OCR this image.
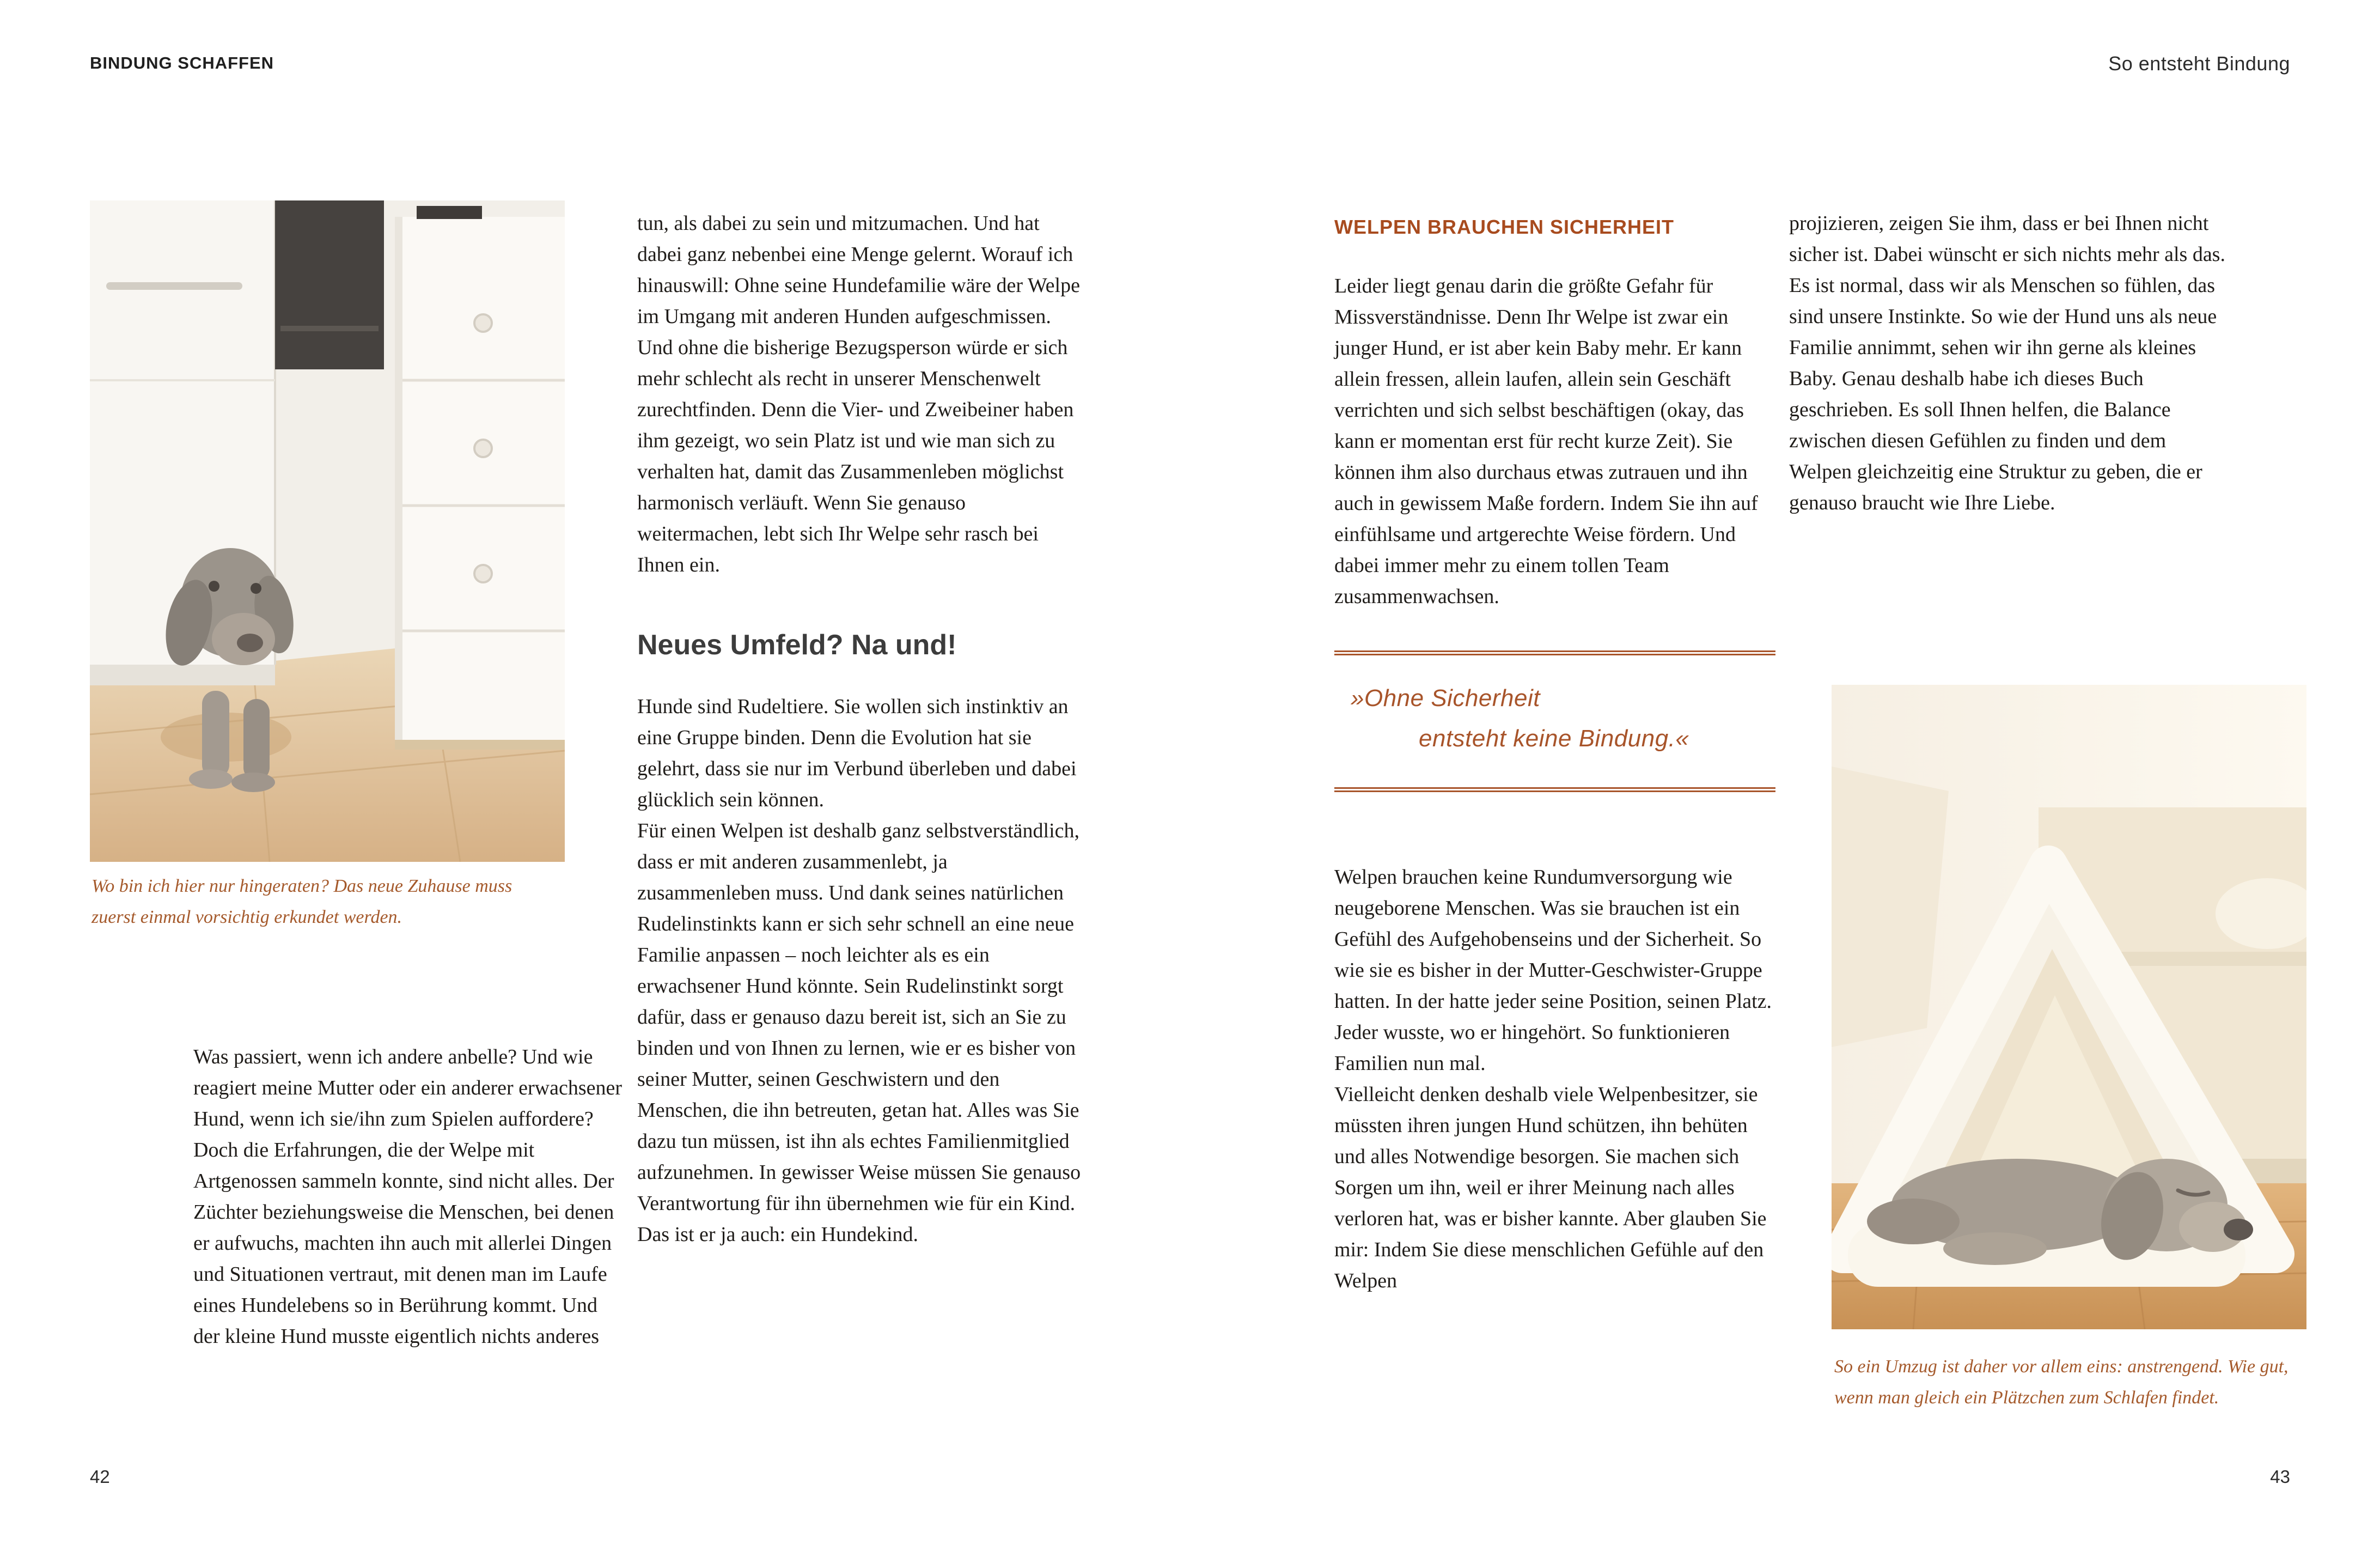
BINDUNG SCHAFFEN	So entsteht Bindung
Wo bin ich hier nur hingeraten? Das neue Zuhause muss zuerst einmal vorsichtig erkundet werden.

Was passiert, wenn ich andere anbelle? Und wie reagiert meine Mutter oder ein anderer erwachsener Hund, wenn ich sie/ihn zum Spielen auffordere?

Doch die Erfahrungen, die der Welpe mit Artgenossen sammeln konnte, sind nicht alles. Der Züchter beziehungsweise die Menschen, bei denen er aufwuchs, machten ihn auch mit allerlei Dingen und Situationen vertraut, mit denen man im Laufe eines Hundelebens so in Berührung kommt. Und der kleine Hund musste eigentlich nichts anderes

tun, als dabei zu sein und mitzumachen. Und hat dabei ganz nebenbei eine Menge gelernt. Worauf ich hinauswill: Ohne seine Hundefamilie wäre der Welpe im Umgang mit anderen Hunden aufgeschmissen. Und ohne die bisherige Bezugsperson würde er sich mehr schlecht als recht in unserer Menschenwelt zurechtfinden. Denn die Vier- und Zweibeiner haben ihm gezeigt, wo sein Platz ist und wie man sich zu verhalten hat, damit das Zusammenleben möglichst harmonisch verläuft. Wenn Sie genauso weitermachen, lebt sich Ihr Welpe sehr rasch bei Ihnen ein.

Neues Umfeld? Na und!

Hunde sind Rudeltiere. Sie wollen sich instinktiv an eine Gruppe binden. Denn die Evolution hat sie gelehrt, dass sie nur im Verbund überleben und dabei glücklich sein können.

Für einen Welpen ist deshalb ganz selbstverständlich, dass er mit anderen zusammenlebt, ja zusammenleben muss. Und dank seines natürlichen Rudelinstinkts kann er sich sehr schnell an eine neue Familie anpassen – noch leichter als es ein erwachsener Hund könnte. Sein Rudelinstinkt sorgt dafür, dass er genauso dazu bereit ist, sich an Sie zu binden und von Ihnen zu lernen, wie er es bisher von seiner Mutter, seinen Geschwistern und den Menschen, die ihn betreuten, getan hat. Alles was Sie dazu tun müssen, ist ihn als echtes Familienmitglied aufzunehmen. In gewisser Weise müssen Sie genauso Verantwortung für ihn übernehmen wie für ein Kind. Das ist er ja auch: ein Hundekind.

42
WELPEN BRAUCHEN SICHERHEIT

Leider liegt genau darin die größte Gefahr für Missverständnisse. Denn Ihr Welpe ist zwar ein junger Hund, er ist aber kein Baby mehr. Er kann allein fressen, allein laufen, allein sein Geschäft verrichten und sich selbst beschäftigen (okay, das kann er momentan erst für recht kurze Zeit). Sie können ihm also durchaus etwas zutrauen und ihn auch in gewissem Maße fordern. Indem Sie ihn auf einfühlsame und artgerechte Weise fördern. Und dabei immer mehr zu einem tollen Team zusammenwachsen.

»Ohne Sicherheit
entsteht keine Bindung.«

Welpen brauchen keine Rundumversorgung wie neugeborene Menschen. Was sie brauchen ist ein Gefühl des Aufgehobenseins und der Sicherheit. So wie sie es bisher in der Mutter-Geschwister-Gruppe hatten. In der hatte jeder seine Position, seinen Platz. Jeder wusste, wo er hingehört. So funktionieren Familien nun mal.

Vielleicht denken deshalb viele Welpenbesitzer, sie müssten ihren jungen Hund schützen, ihn behüten und alles Notwendige besorgen. Sie machen sich Sorgen um ihn, weil er ihrer Meinung nach alles verloren hat, was er bisher kannte. Aber glauben Sie mir: Indem Sie diese menschlichen Gefühle auf den Welpen

projizieren, zeigen Sie ihm, dass er bei Ihnen nicht sicher ist. Dabei wünscht er sich nichts mehr als das.

Es ist normal, dass wir als Menschen so fühlen, das sind unsere Instinkte. So wie der Hund uns als neue Familie annimmt, sehen wir ihn gerne als kleines Baby. Genau deshalb habe ich dieses Buch geschrieben. Es soll Ihnen helfen, die Balance zwischen diesen Gefühlen zu finden und dem Welpen gleichzeitig eine Struktur zu geben, die er genauso braucht wie Ihre Liebe.

So ein Umzug ist daher vor allem eins: anstrengend. Wie gut, wenn man gleich ein Plätzchen zum Schlafen findet.
43
